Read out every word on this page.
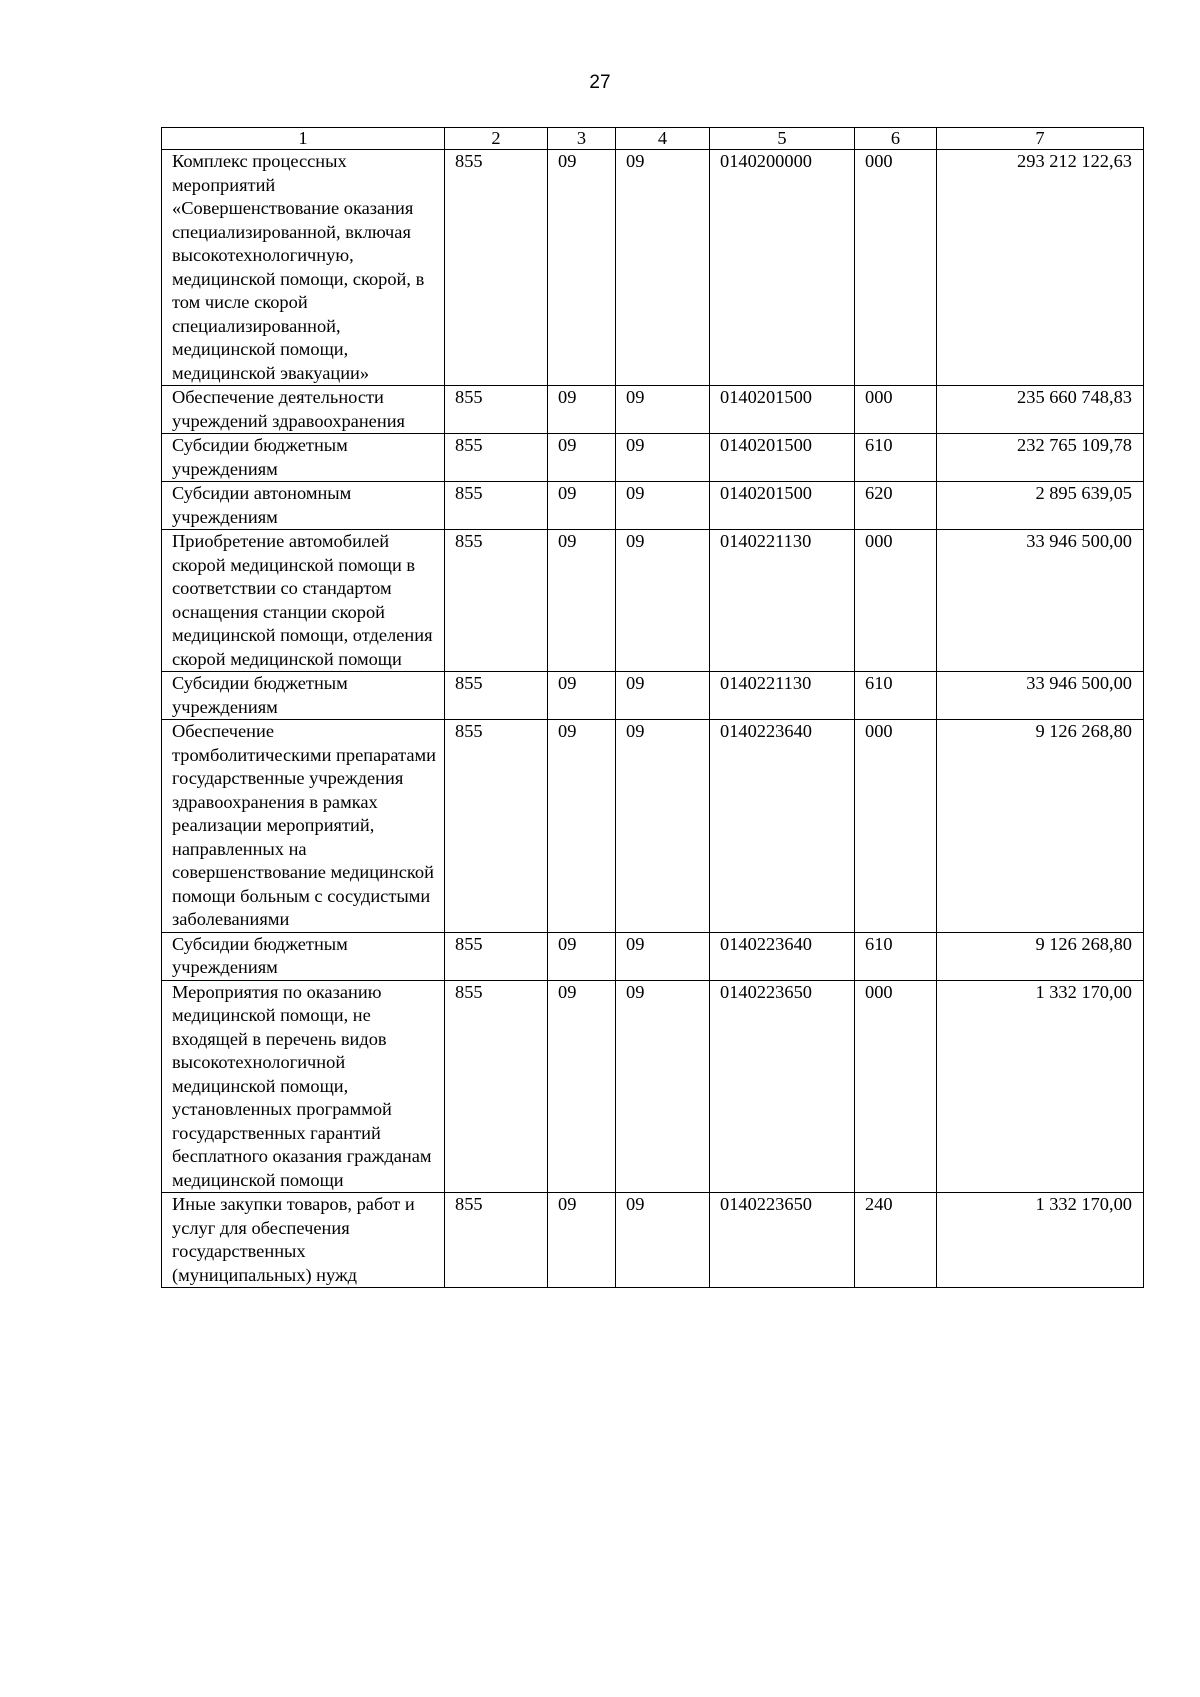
27
1	2	3	4	5	6	7
Комплекс процессных мероприятий «Совершенствование оказания специализированной, включая высокотехнологичную, медицинской помощи, скорой, в том числе скорой специализированной, медицинской помощи, медицинской эвакуации»	855	09	09	0140200000	000	293 212 122,63
Обеспечение деятельности учреждений здравоохранения	855	09	09	0140201500	000	235 660 748,83
Субсидии бюджетным учреждениям	855	09	09	0140201500	610	232 765 109,78
Субсидии автономным учреждениям	855	09	09	0140201500	620	2 895 639,05
Приобретение автомобилей скорой медицинской помощи в соответствии со стандартом оснащения станции скорой медицинской помощи, отделения скорой медицинской помощи	855	09	09	0140221130	000	33 946 500,00
Субсидии бюджетным учреждениям	855	09	09	0140221130	610	33 946 500,00
Обеспечение тромболитическими препаратами государственные учреждения здравоохранения в рамках реализации мероприятий, направленных на совершенствование медицинской помощи больным с сосудистыми заболеваниями	855	09	09	0140223640	000	9 126 268,80
Субсидии бюджетным учреждениям	855	09	09	0140223640	610	9 126 268,80
Мероприятия по оказанию медицинской помощи, не входящей в перечень видов высокотехнологичной медицинской помощи, установленных программой государственных гарантий бесплатного оказания гражданам медицинской помощи	855	09	09	0140223650	000	1 332 170,00
Иные закупки товаров, работ и услуг для обеспечения государственных (муниципальных) нужд	855	09	09	0140223650	240	1 332 170,00
